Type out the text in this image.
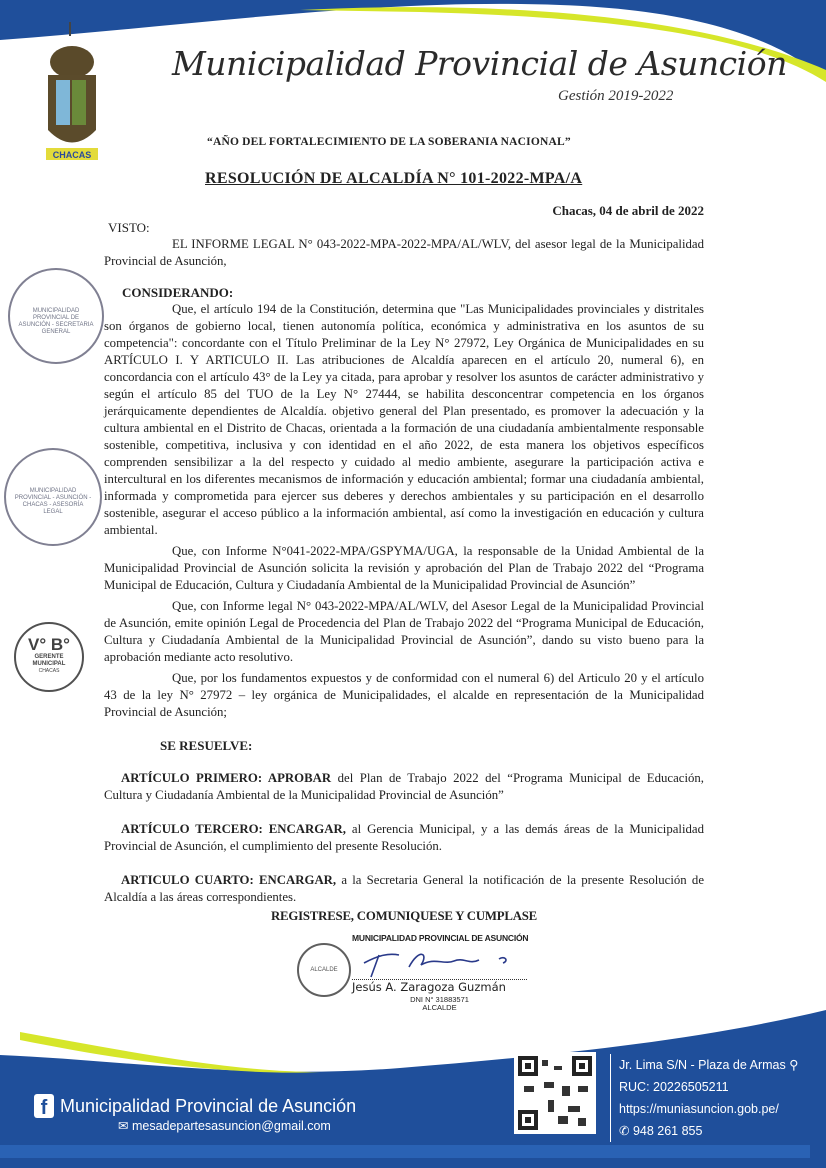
CHACAS
Municipalidad Provincial de Asunción
Gestión 2019-2022
“AÑO DEL FORTALECIMIENTO DE LA SOBERANIA NACIONAL”
RESOLUCIÓN DE ALCALDÍA N° 101-2022-MPA/A
MUNICIPALIDAD PROVINCIAL DE ASUNCIÓN - SECRETARIA GENERAL
MUNICIPALIDAD PROVINCIAL - ASUNCIÓN - CHACAS - ASESORÍA LEGAL
V° B°
GERENTE MUNICIPAL
CHACAS
Chacas, 04 de abril de 2022
VISTO:

EL INFORME LEGAL N° 043-2022-MPA-2022-MPA/AL/WLV, del asesor legal de la Municipalidad Provincial de Asunción,

CONSIDERANDO:

Que, el artículo 194 de la Constitución, determina que "Las Municipalidades provinciales y distritales son órganos de gobierno local, tienen autonomía política, económica y administrativa en los asuntos de su competencia": concordante con el Título Preliminar de la Ley N° 27972, Ley Orgánica de Municipalidades en su ARTÍCULO I. Y ARTICULO II. Las atribuciones de Alcaldía aparecen en el artículo 20, numeral 6), en concordancia con el artículo 43° de la Ley ya citada, para aprobar y resolver los asuntos de carácter administrativo y según el artículo 85 del TUO de la Ley N° 27444, se habilita desconcentrar competencia en los órganos jerárquicamente dependientes de Alcaldía. objetivo general del Plan presentado, es promover la adecuación y la cultura ambiental en el Distrito de Chacas, orientada a la formación de una ciudadanía ambientalmente responsable sostenible, competitiva, inclusiva y con identidad en el año 2022, de esta manera los objetivos específicos comprenden sensibilizar a la del respecto y cuidado al medio ambiente, asegurare la participación activa e intercultural en los diferentes mecanismos de información y educación ambiental; formar una ciudadanía ambiental, informada y comprometida para ejercer sus deberes y derechos ambientales y su participación en el desarrollo sostenible, asegurar el acceso público a la información ambiental, así como la investigación en educación y cultura ambiental.

Que, con Informe N°041-2022-MPA/GSPYMA/UGA, la responsable de la Unidad Ambiental de la Municipalidad Provincial de Asunción solicita la revisión y aprobación del Plan de Trabajo 2022 del “Programa Municipal de Educación, Cultura y Ciudadanía Ambiental de la Municipalidad Provincial de Asunción”

Que, con Informe legal N° 043-2022-MPA/AL/WLV, del Asesor Legal de la Municipalidad Provincial de Asunción, emite opinión Legal de Procedencia del Plan de Trabajo 2022 del “Programa Municipal de Educación, Cultura y Ciudadanía Ambiental de la Municipalidad Provincial de Asunción”, dando su visto bueno para la aprobación mediante acto resolutivo.

Que, por los fundamentos expuestos y de conformidad con el numeral 6) del Articulo 20 y el artículo 43 de la ley N° 27972 – ley orgánica de Municipalidades, el alcalde en representación de la Municipalidad Provincial de Asunción;

SE RESUELVE:

ARTÍCULO PRIMERO: APROBAR del Plan de Trabajo 2022 del “Programa Municipal de Educación, Cultura y Ciudadanía Ambiental de la Municipalidad Provincial de Asunción”

ARTÍCULO TERCERO: ENCARGAR, al Gerencia Municipal, y a las demás áreas de la Municipalidad Provincial de Asunción, el cumplimiento del presente Resolución.

ARTICULO CUARTO: ENCARGAR, a la Secretaria General la notificación de la presente Resolución de Alcaldía a las áreas correspondientes.

REGISTRESE, COMUNIQUESE Y CUMPLASE
ALCALDE
MUNICIPALIDAD PROVINCIAL DE ASUNCIÓN
Jesús A. Zaragoza Guzmán
DNI N° 31883571
ALCALDE
f Municipalidad Provincial de Asunción
✉ mesadepartesasuncion@gmail.com
Jr. Lima S/N - Plaza de Armas ⚲
RUC: 20226505211
https://muniasuncion.gob.pe/
✆ 948 261 855
